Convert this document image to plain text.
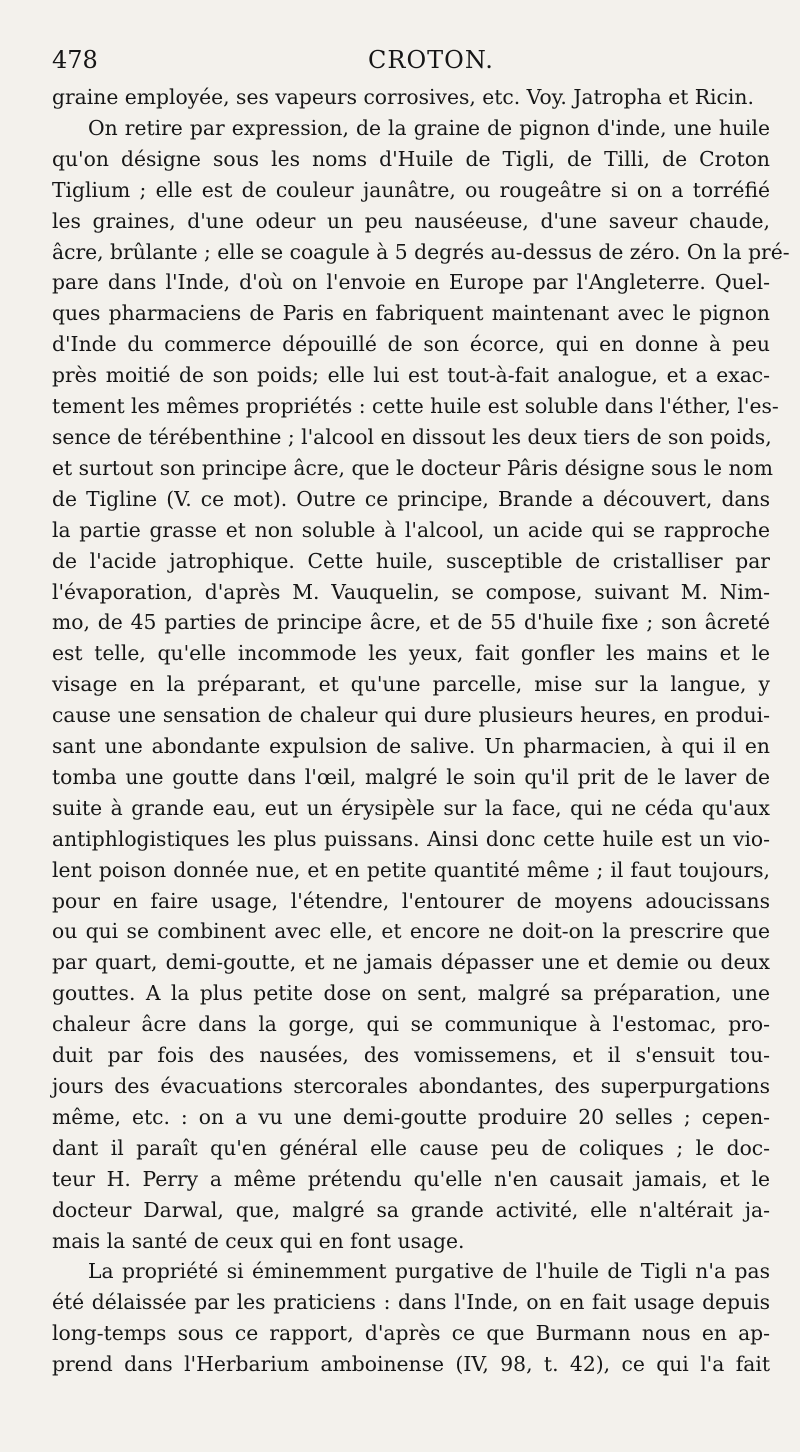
478	CROTON.
graine employée, ses vapeurs corrosives, etc. Voy. Jatropha et Ricin.
On retire par expression, de la graine de pignon d'inde, une huile
qu'on désigne sous les noms d'Huile de Tigli, de Tilli, de Croton
Tiglium ; elle est de couleur jaunâtre, ou rougeâtre si on a torréfié
les graines, d'une odeur un peu nauséeuse, d'une saveur chaude,
âcre, brûlante ; elle se coagule à 5 degrés au-dessus de zéro. On la pré-
pare dans l'Inde, d'où on l'envoie en Europe par l'Angleterre. Quel-
ques pharmaciens de Paris en fabriquent maintenant avec le pignon
d'Inde du commerce dépouillé de son écorce, qui en donne à peu
près moitié de son poids; elle lui est tout-à-fait analogue, et a exac-
tement les mêmes propriétés : cette huile est soluble dans l'éther, l'es-
sence de térébenthine ; l'alcool en dissout les deux tiers de son poids,
et surtout son principe âcre, que le docteur Pâris désigne sous le nom
de Tigline (V. ce mot). Outre ce principe, Brande a découvert, dans
la partie grasse et non soluble à l'alcool, un acide qui se rapproche
de l'acide jatrophique. Cette huile, susceptible de cristalliser par
l'évaporation, d'après M. Vauquelin, se compose, suivant M. Nim-
mo, de 45 parties de principe âcre, et de 55 d'huile fixe ; son âcreté
est telle, qu'elle incommode les yeux, fait gonfler les mains et le
visage en la préparant, et qu'une parcelle, mise sur la langue, y
cause une sensation de chaleur qui dure plusieurs heures, en produi-
sant une abondante expulsion de salive. Un pharmacien, à qui il en
tomba une goutte dans l'œil, malgré le soin qu'il prit de le laver de
suite à grande eau, eut un érysipèle sur la face, qui ne céda qu'aux
antiphlogistiques les plus puissans. Ainsi donc cette huile est un vio-
lent poison donnée nue, et en petite quantité même ; il faut toujours,
pour en faire usage, l'étendre, l'entourer de moyens adoucissans
ou qui se combinent avec elle, et encore ne doit-on la prescrire que
par quart, demi-goutte, et ne jamais dépasser une et demie ou deux
gouttes. A la plus petite dose on sent, malgré sa préparation, une
chaleur âcre dans la gorge, qui se communique à l'estomac, pro-
duit par fois des nausées, des vomissemens, et il s'ensuit tou-
jours des évacuations stercorales abondantes, des superpurgations
même, etc. : on a vu une demi-goutte produire 20 selles ; cepen-
dant il paraît qu'en général elle cause peu de coliques ; le doc-
teur H. Perry a même prétendu qu'elle n'en causait jamais, et le
docteur Darwal, que, malgré sa grande activité, elle n'altérait ja-
mais la santé de ceux qui en font usage.
La propriété si éminemment purgative de l'huile de Tigli n'a pas
été délaissée par les praticiens : dans l'Inde, on en fait usage depuis
long-temps sous ce rapport, d'après ce que Burmann nous en ap-
prend dans l'Herbarium amboinense (IV, 98, t. 42), ce qui l'a fait
